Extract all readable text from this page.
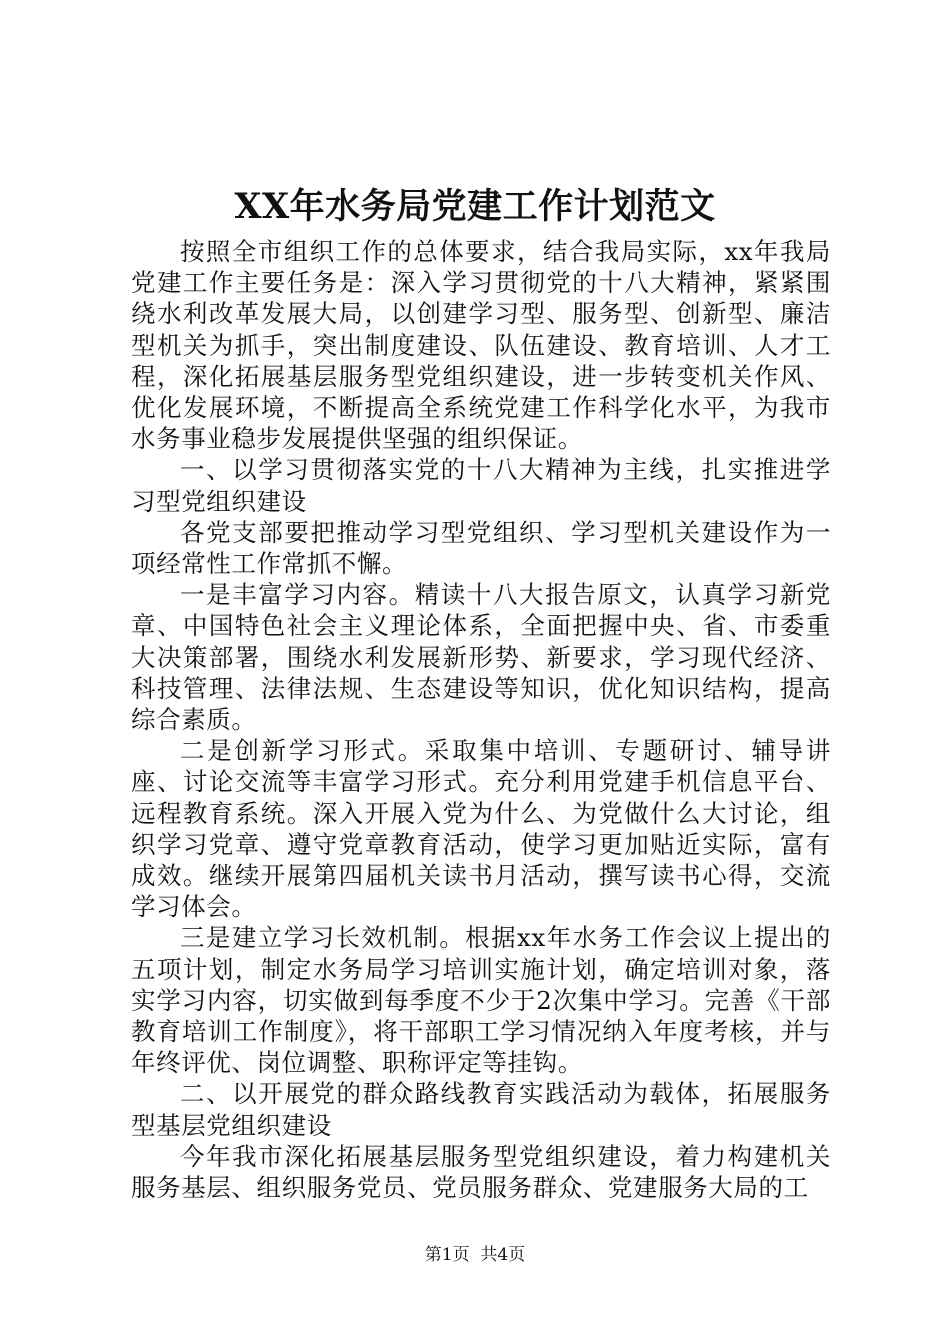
XX年水务局党建工作计划范文

按照全市组织工作的总体要求，结合我局实际，xx年我局党建工作主要任务是：深入学习贯彻党的十八大精神，紧紧围绕水利改革发展大局，以创建学习型、服务型、创新型、廉洁型机关为抓手，突出制度建设、队伍建设、教育培训、人才工程，深化拓展基层服务型党组织建设，进一步转变机关作风、优化发展环境，不断提高全系统党建工作科学化水平，为我市水务事业稳步发展提供坚强的组织保证。

一、以学习贯彻落实党的十八大精神为主线，扎实推进学习型党组织建设

各党支部要把推动学习型党组织、学习型机关建设作为一项经常性工作常抓不懈。

一是丰富学习内容。精读十八大报告原文，认真学习新党章、中国特色社会主义理论体系，全面把握中央、省、市委重大决策部署，围绕水利发展新形势、新要求，学习现代经济、科技管理、法律法规、生态建设等知识，优化知识结构，提高综合素质。

二是创新学习形式。采取集中培训、专题研讨、辅导讲座、讨论交流等丰富学习形式。充分利用党建手机信息平台、远程教育系统。深入开展入党为什么、为党做什么大讨论，组织学习党章、遵守党章教育活动，使学习更加贴近实际，富有成效。继续开展第四届机关读书月活动，撰写读书心得，交流学习体会。

三是建立学习长效机制。根据xx年水务工作会议上提出的五项计划，制定水务局学习培训实施计划，确定培训对象，落实学习内容，切实做到每季度不少于2次集中学习。完善《干部教育培训工作制度》，将干部职工学习情况纳入年度考核，并与年终评优、岗位调整、职称评定等挂钩。

二、以开展党的群众路线教育实践活动为载体，拓展服务型基层党组织建设

今年我市深化拓展基层服务型党组织建设，着力构建机关服务基层、组织服务党员、党员服务群众、党建服务大局的工

第1页 共4页
